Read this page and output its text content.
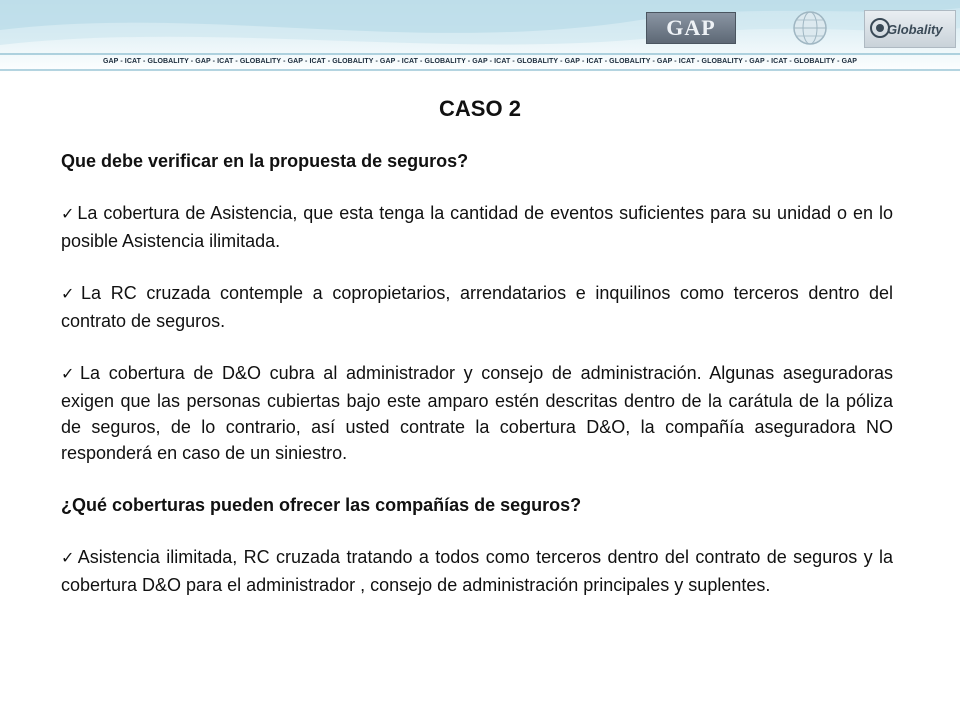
GAP	Globality
GAP - ICAT - GLOBALITY - GAP - ICAT - GLOBALITY - GAP - ICAT - GLOBALITY - GAP - ICAT - GLOBALITY - GAP - ICAT - GLOBALITY - GAP - ICAT - GLOBALITY - GAP - ICAT - GLOBALITY - GAP - ICAT - GLOBALITY - GAP
CASO 2

Que debe verificar en la propuesta de seguros?

✓ La cobertura de Asistencia, que esta tenga la cantidad de eventos suficientes para su unidad o en lo posible Asistencia ilimitada.

✓ La RC cruzada contemple a copropietarios, arrendatarios e inquilinos como terceros dentro del contrato de seguros.

✓ La cobertura de D&O cubra al administrador y consejo de administración. Algunas aseguradoras exigen que las personas cubiertas bajo este amparo estén descritas dentro de la carátula de la póliza de seguros, de lo contrario, así usted contrate la cobertura D&O, la compañía aseguradora NO responderá en caso de un siniestro.

¿Qué coberturas pueden ofrecer las compañías de seguros?

✓ Asistencia ilimitada, RC cruzada tratando a todos como terceros dentro del contrato de seguros y la cobertura D&O para el administrador , consejo de administración principales y suplentes.
